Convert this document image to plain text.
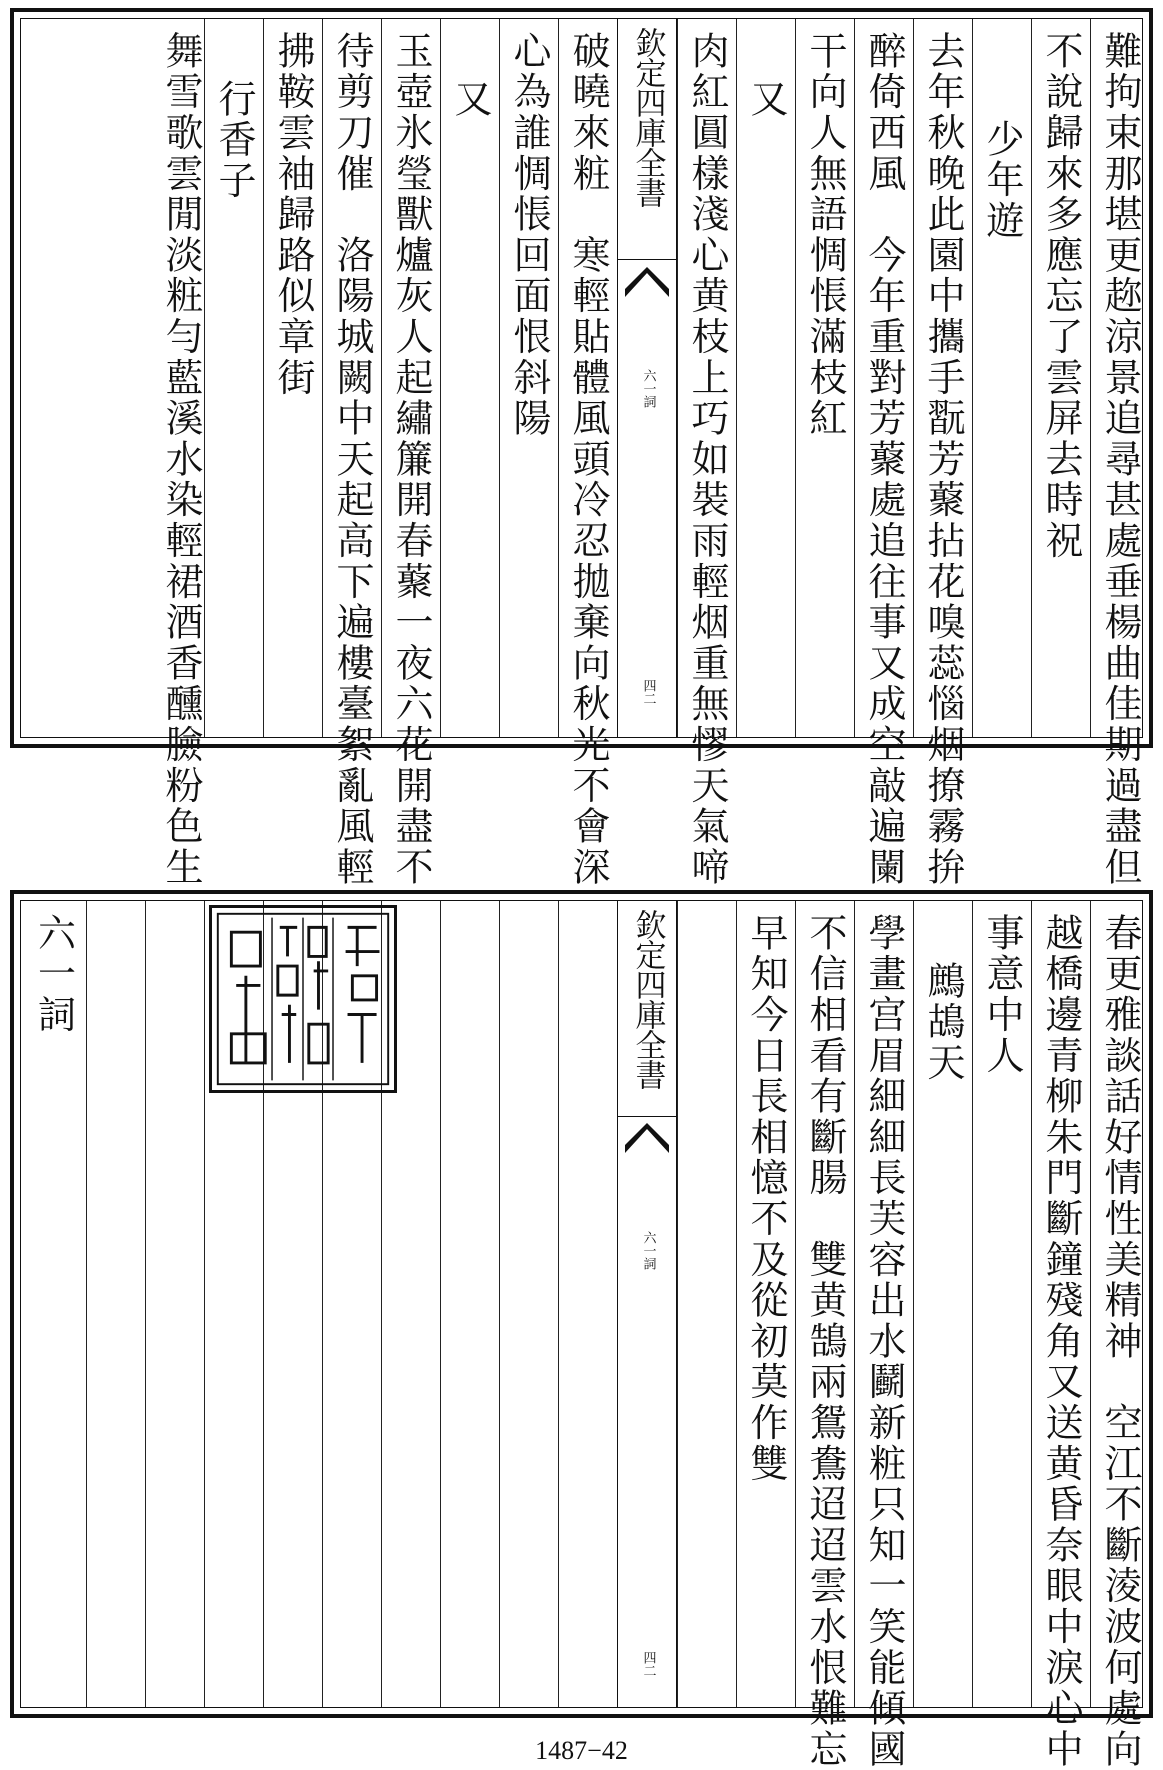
難拘束那堪更趂涼景追尋甚處垂楊曲佳期過盡但
不說歸來多應忘了雲屏去時祝
少年遊
去年秋晚此園中攜手翫芳藂拈花嗅蕊惱烟撩霧拚
醉倚西風　今年重對芳藂處追往事又成空敲遍闌
干向人無語惆悵滿枝紅
又
肉紅圓樣淺心黄枝上巧如裝雨輕烟重無憀天氣啼
欽定四庫全書
六一詞
四二
破曉來粧　寒輕貼體風頭冷忍拋棄向秋光不會深
心為誰惆悵回面恨斜陽
又
玉壺氷瑩獸爐灰人起繡簾開春藂一夜六花開盡不
待剪刀催　洛陽城闕中天起高下遍樓臺絮亂風輕
拂鞍雲袖歸路似章街
行香子
舞雪歌雲閒淡粧勻藍溪水染輕裙酒香醺臉粉色生
春更雅談話好情性美精神　空江不斷淩波何處向
越橋邊青柳朱門斷鐘殘角又送黄昏奈眼中淚心中
事意中人
鷓鴣天
學畫宫眉細細長芙容出水鬬新粧只知一笑能傾國
不信相看有斷腸　雙黄鵠兩鴛鴦迢迢雲水恨難忘
早知今日長相憶不及從初莫作雙
欽定四庫全書
六一詞
四二
六一詞
1487−42
